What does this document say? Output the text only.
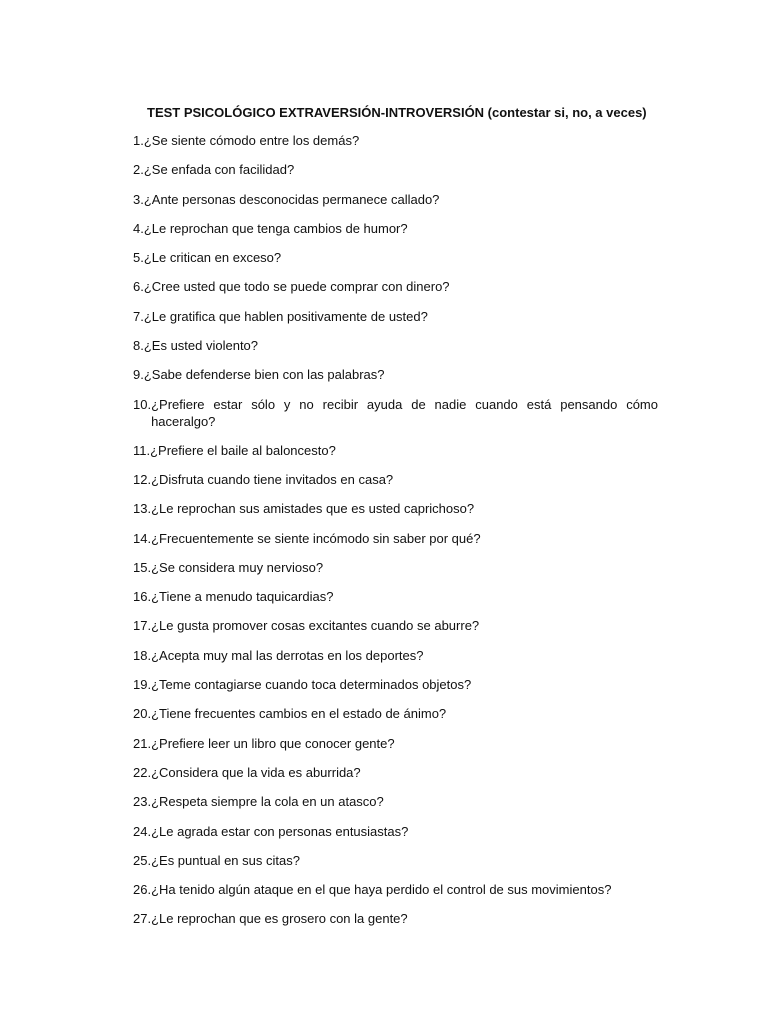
TEST PSICOLÓGICO EXTRAVERSIÓN-INTROVERSIÓN (contestar si, no, a veces)
1. ¿Se siente cómodo entre los demás?
2. ¿Se enfada con facilidad?
3. ¿Ante personas desconocidas permanece callado?
4. ¿Le reprochan que tenga cambios de humor?
5. ¿Le critican en exceso?
6. ¿Cree usted que todo se puede comprar con dinero?
7. ¿Le gratifica que hablen positivamente de usted?
8. ¿Es usted violento?
9. ¿Sabe defenderse bien con las palabras?
10. ¿Prefiere estar sólo y no recibir ayuda de nadie cuando está pensando cómo
haceralgo?
11. ¿Prefiere el baile al baloncesto?
12. ¿Disfruta cuando tiene invitados en casa?
13. ¿Le reprochan sus amistades que es usted caprichoso?
14. ¿Frecuentemente se siente incómodo sin saber por qué?
15. ¿Se considera muy nervioso?
16. ¿Tiene a menudo taquicardias?
17. ¿Le gusta promover cosas excitantes cuando se aburre?
18. ¿Acepta muy mal las derrotas en los deportes?
19. ¿Teme contagiarse cuando toca determinados objetos?
20. ¿Tiene frecuentes cambios en el estado de ánimo?
21. ¿Prefiere leer un libro que conocer gente?
22. ¿Considera que la vida es aburrida?
23. ¿Respeta siempre la cola en un atasco?
24. ¿Le agrada estar con personas entusiastas?
25. ¿Es puntual en sus citas?
26. ¿Ha tenido algún ataque en el que haya perdido el control de sus movimientos?
27. ¿Le reprochan que es grosero con la gente?
